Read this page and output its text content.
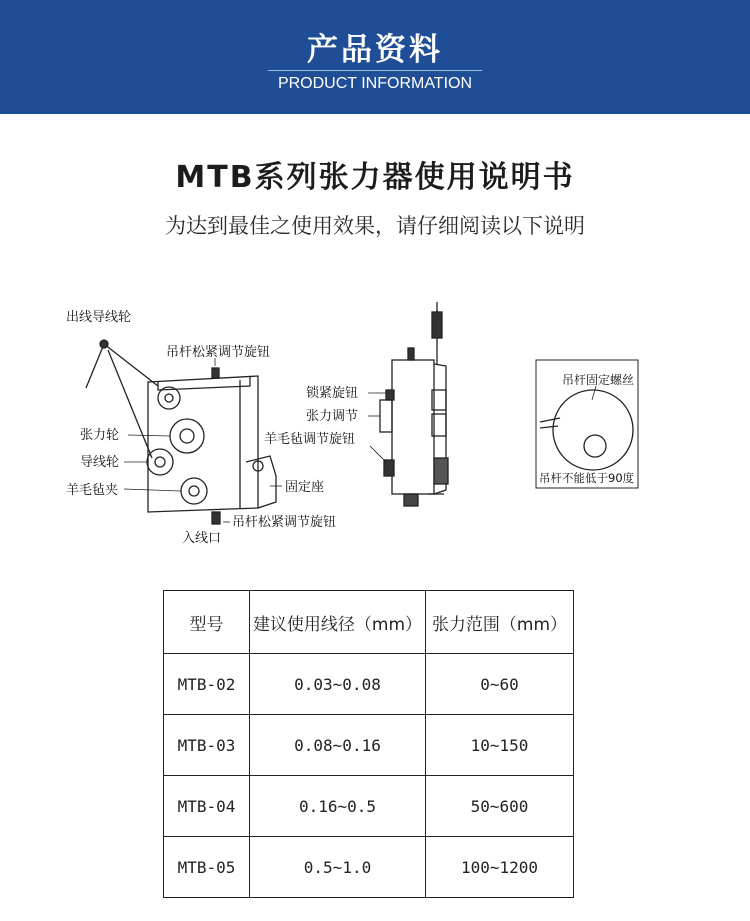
产品资料
PRODUCT INFORMATION
MTB系列张力器使用说明书
为达到最佳之使用效果，请仔细阅读以下说明
出线导线轮
吊杆松紧调节旋钮
张力轮
导线轮
羊毛毡夹	固定座
吊杆松紧调节旋钮
入线口
锁紧旋钮
张力调节
羊毛毡调节旋钮
吊杆固定螺丝
吊杆不能低于90度
型号	建议使用线径（mm）	张力范围（mm）
MTB-02	0.03~0.08	0~60
MTB-03	0.08~0.16	10~150
MTB-04	0.16~0.5	50~600
MTB-05	0.5~1.0	100~1200
